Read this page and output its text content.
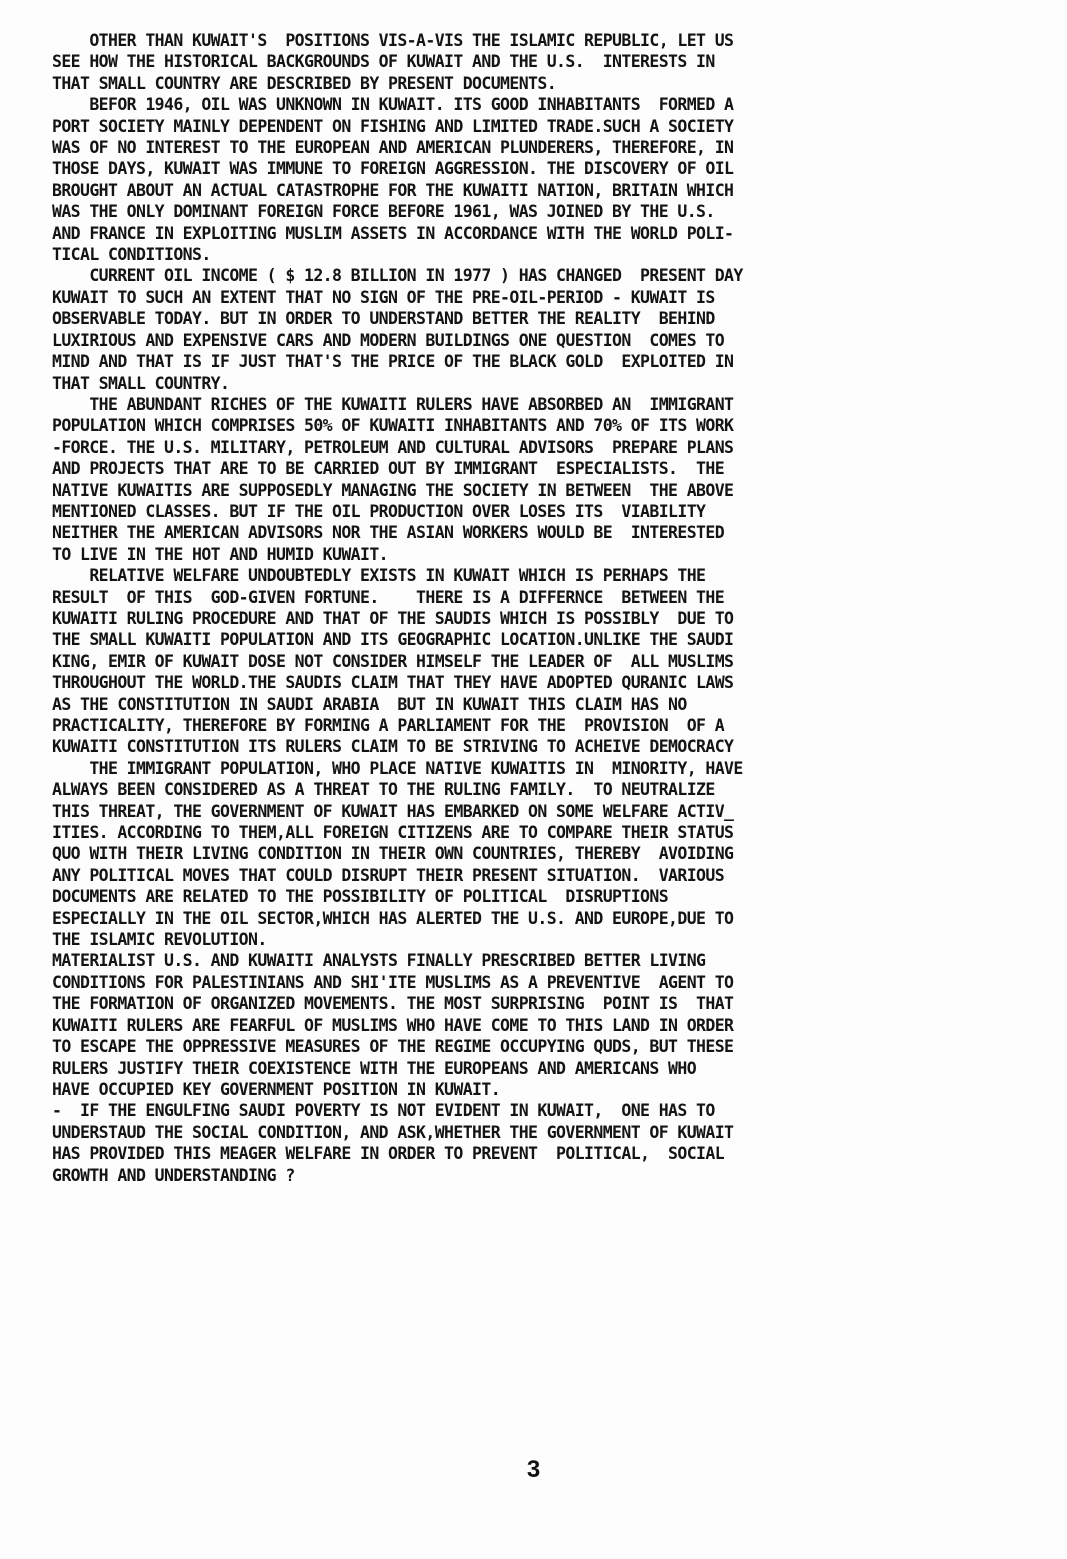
OTHER THAN KUWAIT'S  POSITIONS VIS-A-VIS THE ISLAMIC REPUBLIC, LET US
SEE HOW THE HISTORICAL BACKGROUNDS OF KUWAIT AND THE U.S.  INTERESTS IN
THAT SMALL COUNTRY ARE DESCRIBED BY PRESENT DOCUMENTS.
BEFOR 1946, OIL WAS UNKNOWN IN KUWAIT. ITS GOOD INHABITANTS  FORMED A
PORT SOCIETY MAINLY DEPENDENT ON FISHING AND LIMITED TRADE.SUCH A SOCIETY
WAS OF NO INTEREST TO THE EUROPEAN AND AMERICAN PLUNDERERS, THEREFORE, IN
THOSE DAYS, KUWAIT WAS IMMUNE TO FOREIGN AGGRESSION. THE DISCOVERY OF OIL
BROUGHT ABOUT AN ACTUAL CATASTROPHE FOR THE KUWAITI NATION, BRITAIN WHICH
WAS THE ONLY DOMINANT FOREIGN FORCE BEFORE 1961, WAS JOINED BY THE U.S.
AND FRANCE IN EXPLOITING MUSLIM ASSETS IN ACCORDANCE WITH THE WORLD POLI-
TICAL CONDITIONS.
CURRENT OIL INCOME ( $ 12.8 BILLION IN 1977 ) HAS CHANGED  PRESENT DAY
KUWAIT TO SUCH AN EXTENT THAT NO SIGN OF THE PRE-OIL-PERIOD - KUWAIT IS
OBSERVABLE TODAY. BUT IN ORDER TO UNDERSTAND BETTER THE REALITY  BEHIND
LUXIRIOUS AND EXPENSIVE CARS AND MODERN BUILDINGS ONE QUESTION  COMES TO
MIND AND THAT IS IF JUST THAT'S THE PRICE OF THE BLACK GOLD  EXPLOITED IN
THAT SMALL COUNTRY.
THE ABUNDANT RICHES OF THE KUWAITI RULERS HAVE ABSORBED AN  IMMIGRANT
POPULATION WHICH COMPRISES 50% OF KUWAITI INHABITANTS AND 70% OF ITS WORK
-FORCE. THE U.S. MILITARY, PETROLEUM AND CULTURAL ADVISORS  PREPARE PLANS
AND PROJECTS THAT ARE TO BE CARRIED OUT BY IMMIGRANT  ESPECIALISTS.  THE
NATIVE KUWAITIS ARE SUPPOSEDLY MANAGING THE SOCIETY IN BETWEEN  THE ABOVE
MENTIONED CLASSES. BUT IF THE OIL PRODUCTION OVER LOSES ITS  VIABILITY
NEITHER THE AMERICAN ADVISORS NOR THE ASIAN WORKERS WOULD BE  INTERESTED
TO LIVE IN THE HOT AND HUMID KUWAIT.
RELATIVE WELFARE UNDOUBTEDLY EXISTS IN KUWAIT WHICH IS PERHAPS THE
RESULT  OF THIS  GOD-GIVEN FORTUNE.    THERE IS A DIFFERNCE  BETWEEN THE
KUWAITI RULING PROCEDURE AND THAT OF THE SAUDIS WHICH IS POSSIBLY  DUE TO
THE SMALL KUWAITI POPULATION AND ITS GEOGRAPHIC LOCATION.UNLIKE THE SAUDI
KING, EMIR OF KUWAIT DOSE NOT CONSIDER HIMSELF THE LEADER OF  ALL MUSLIMS
THROUGHOUT THE WORLD.THE SAUDIS CLAIM THAT THEY HAVE ADOPTED QURANIC LAWS
AS THE CONSTITUTION IN SAUDI ARABIA  BUT IN KUWAIT THIS CLAIM HAS NO
PRACTICALITY, THEREFORE BY FORMING A PARLIAMENT FOR THE  PROVISION  OF A
KUWAITI CONSTITUTION ITS RULERS CLAIM TO BE STRIVING TO ACHEIVE DEMOCRACY
THE IMMIGRANT POPULATION, WHO PLACE NATIVE KUWAITIS IN  MINORITY, HAVE
ALWAYS BEEN CONSIDERED AS A THREAT TO THE RULING FAMILY.  TO NEUTRALIZE
THIS THREAT, THE GOVERNMENT OF KUWAIT HAS EMBARKED ON SOME WELFARE ACTIV_
ITIES. ACCORDING TO THEM,ALL FOREIGN CITIZENS ARE TO COMPARE THEIR STATUS
QUO WITH THEIR LIVING CONDITION IN THEIR OWN COUNTRIES, THEREBY  AVOIDING
ANY POLITICAL MOVES THAT COULD DISRUPT THEIR PRESENT SITUATION.  VARIOUS
DOCUMENTS ARE RELATED TO THE POSSIBILITY OF POLITICAL  DISRUPTIONS
ESPECIALLY IN THE OIL SECTOR,WHICH HAS ALERTED THE U.S. AND EUROPE,DUE TO
THE ISLAMIC REVOLUTION.
MATERIALIST U.S. AND KUWAITI ANALYSTS FINALLY PRESCRIBED BETTER LIVING
CONDITIONS FOR PALESTINIANS AND SHI'ITE MUSLIMS AS A PREVENTIVE  AGENT TO
THE FORMATION OF ORGANIZED MOVEMENTS. THE MOST SURPRISING  POINT IS  THAT
KUWAITI RULERS ARE FEARFUL OF MUSLIMS WHO HAVE COME TO THIS LAND IN ORDER
TO ESCAPE THE OPPRESSIVE MEASURES OF THE REGIME OCCUPYING QUDS, BUT THESE
RULERS JUSTIFY THEIR COEXISTENCE WITH THE EUROPEANS AND AMERICANS WHO
HAVE OCCUPIED KEY GOVERNMENT POSITION IN KUWAIT.
-  IF THE ENGULFING SAUDI POVERTY IS NOT EVIDENT IN KUWAIT,  ONE HAS TO
UNDERSTAUD THE SOCIAL CONDITION, AND ASK,WHETHER THE GOVERNMENT OF KUWAIT
HAS PROVIDED THIS MEAGER WELFARE IN ORDER TO PREVENT  POLITICAL,  SOCIAL
GROWTH AND UNDERSTANDING ?
3
